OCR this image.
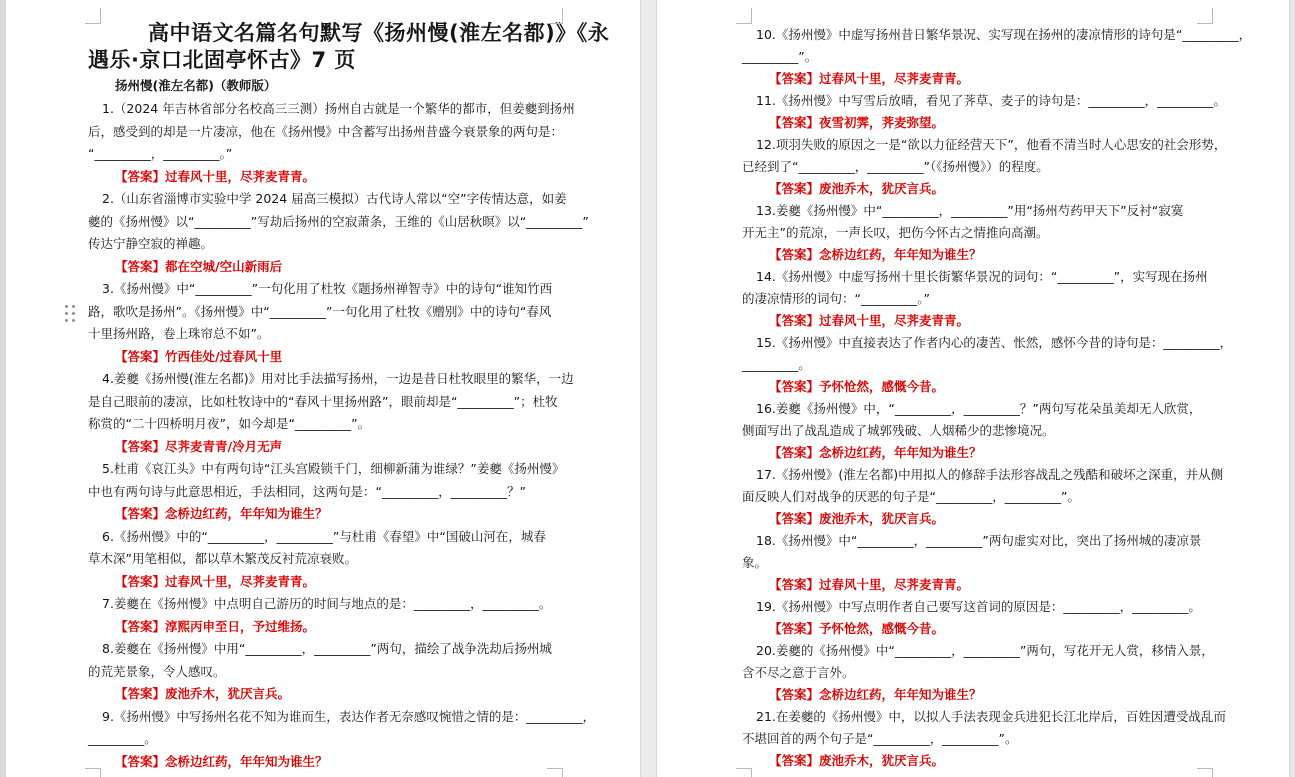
高中语文名篇名句默写《扬州慢(淮左名都)》《永
遇乐·京口北固亭怀古》7 页
扬州慢(淮左名都)（教师版）
1.（2024 年吉林省部分名校高三三测）扬州自古就是一个繁华的都市，但姜夔到扬州
后，感受到的却是一片凄凉，他在《扬州慢》中含蓄写出扬州昔盛今衰景象的两句是：
“_________，_________。”
【答案】过春风十里，尽荠麦青青。
2.（山东省淄博市实验中学 2024 届高三模拟）古代诗人常以“空”字传情达意，如姜
夔的《扬州慢》以“_________”写劫后扬州的空寂萧条，王维的《山居秋暝》以“_________”
传达宁静空寂的禅趣。
【答案】都在空城/空山新雨后
3.《扬州慢》中“_________”一句化用了杜牧《题扬州禅智寺》中的诗句“谁知竹西
路，歌吹是扬州”。《扬州慢》中“_________”一句化用了杜牧《赠别》中的诗句“春风
十里扬州路，卷上珠帘总不如”。
【答案】竹西佳处/过春风十里
4.姜夔《扬州慢(淮左名都)》用对比手法描写扬州，一边是昔日杜牧眼里的繁华，一边
是自己眼前的凄凉，比如杜牧诗中的“春风十里扬州路”，眼前却是“_________”；杜牧
称赏的“二十四桥明月夜”，如今却是“_________”。
【答案】尽荠麦青青/冷月无声
5.杜甫《哀江头》中有两句诗“江头宫殿锁千门，细柳新蒲为谁绿？”姜夔《扬州慢》
中也有两句诗与此意思相近，手法相同，这两句是：“_________，_________？”
【答案】念桥边红药，年年知为谁生？
6.《扬州慢》中的“_________，_________”与杜甫《春望》中“国破山河在，城春
草木深”用笔相似，都以草木繁茂反衬荒凉衰败。
【答案】过春风十里，尽荠麦青青。
7.姜夔在《扬州慢》中点明自己游历的时间与地点的是：_________，_________。
【答案】淳熙丙申至日，予过维扬。
8.姜夔在《扬州慢》中用“_________，_________”两句，描绘了战争洗劫后扬州城
的荒芜景象，令人感叹。
【答案】废池乔木，犹厌言兵。
9.《扬州慢》中写扬州名花不知为谁而生，表达作者无奈感叹惋惜之情的是：_________，
_________。
【答案】念桥边红药，年年知为谁生？
10.《扬州慢》中虚写扬州昔日繁华景况、实写现在扬州的凄凉情形的诗句是“_________，
_________”。
【答案】过春风十里，尽荠麦青青。
11.《扬州慢》中写雪后放晴，看见了荠草、麦子的诗句是：_________，_________。
【答案】夜雪初霁，荠麦弥望。
12.项羽失败的原因之一是“欲以力征经营天下”，他看不清当时人心思安的社会形势，
已经到了“_________，_________”（《扬州慢》）的程度。
【答案】废池乔木，犹厌言兵。
13.姜夔《扬州慢》中“_________，_________”用“扬州芍药甲天下”反衬“寂寞
开无主”的荒凉，一声长叹，把伤今怀古之情推向高潮。
【答案】念桥边红药，年年知为谁生？
14.《扬州慢》中虚写扬州十里长街繁华景况的词句：“_________”，实写现在扬州
的凄凉情形的词句：“_________。”
【答案】过春风十里，尽荠麦青青。
15.《扬州慢》中直接表达了作者内心的凄苦、怅然，感怀今昔的诗句是：_________，
_________。
【答案】予怀怆然，感慨今昔。
16.姜夔《扬州慢》中，“_________，_________？”两句写花朵虽美却无人欣赏，
侧面写出了战乱造成了城郭残破、人烟稀少的悲惨境况。
【答案】念桥边红药，年年知为谁生？
17.《扬州慢》(淮左名都)中用拟人的修辞手法形容战乱之残酷和破坏之深重，并从侧
面反映人们对战争的厌恶的句子是“_________，_________”。
【答案】废池乔木，犹厌言兵。
18.《扬州慢》中“_________，_________”两句虚实对比，突出了扬州城的凄凉景
象。
【答案】过春风十里，尽荠麦青青。
19.《扬州慢》中写点明作者自己要写这首词的原因是：_________，_________。
【答案】予怀怆然，感慨今昔。
20.姜夔的《扬州慢》中“_________，_________”两句，写花开无人赏，移情入景，
含不尽之意于言外。
【答案】念桥边红药，年年知为谁生？
21.在姜夔的《扬州慢》中，以拟人手法表现金兵进犯长江北岸后，百姓因遭受战乱而
不堪回首的两个句子是“_________，_________”。
【答案】废池乔木，犹厌言兵。
